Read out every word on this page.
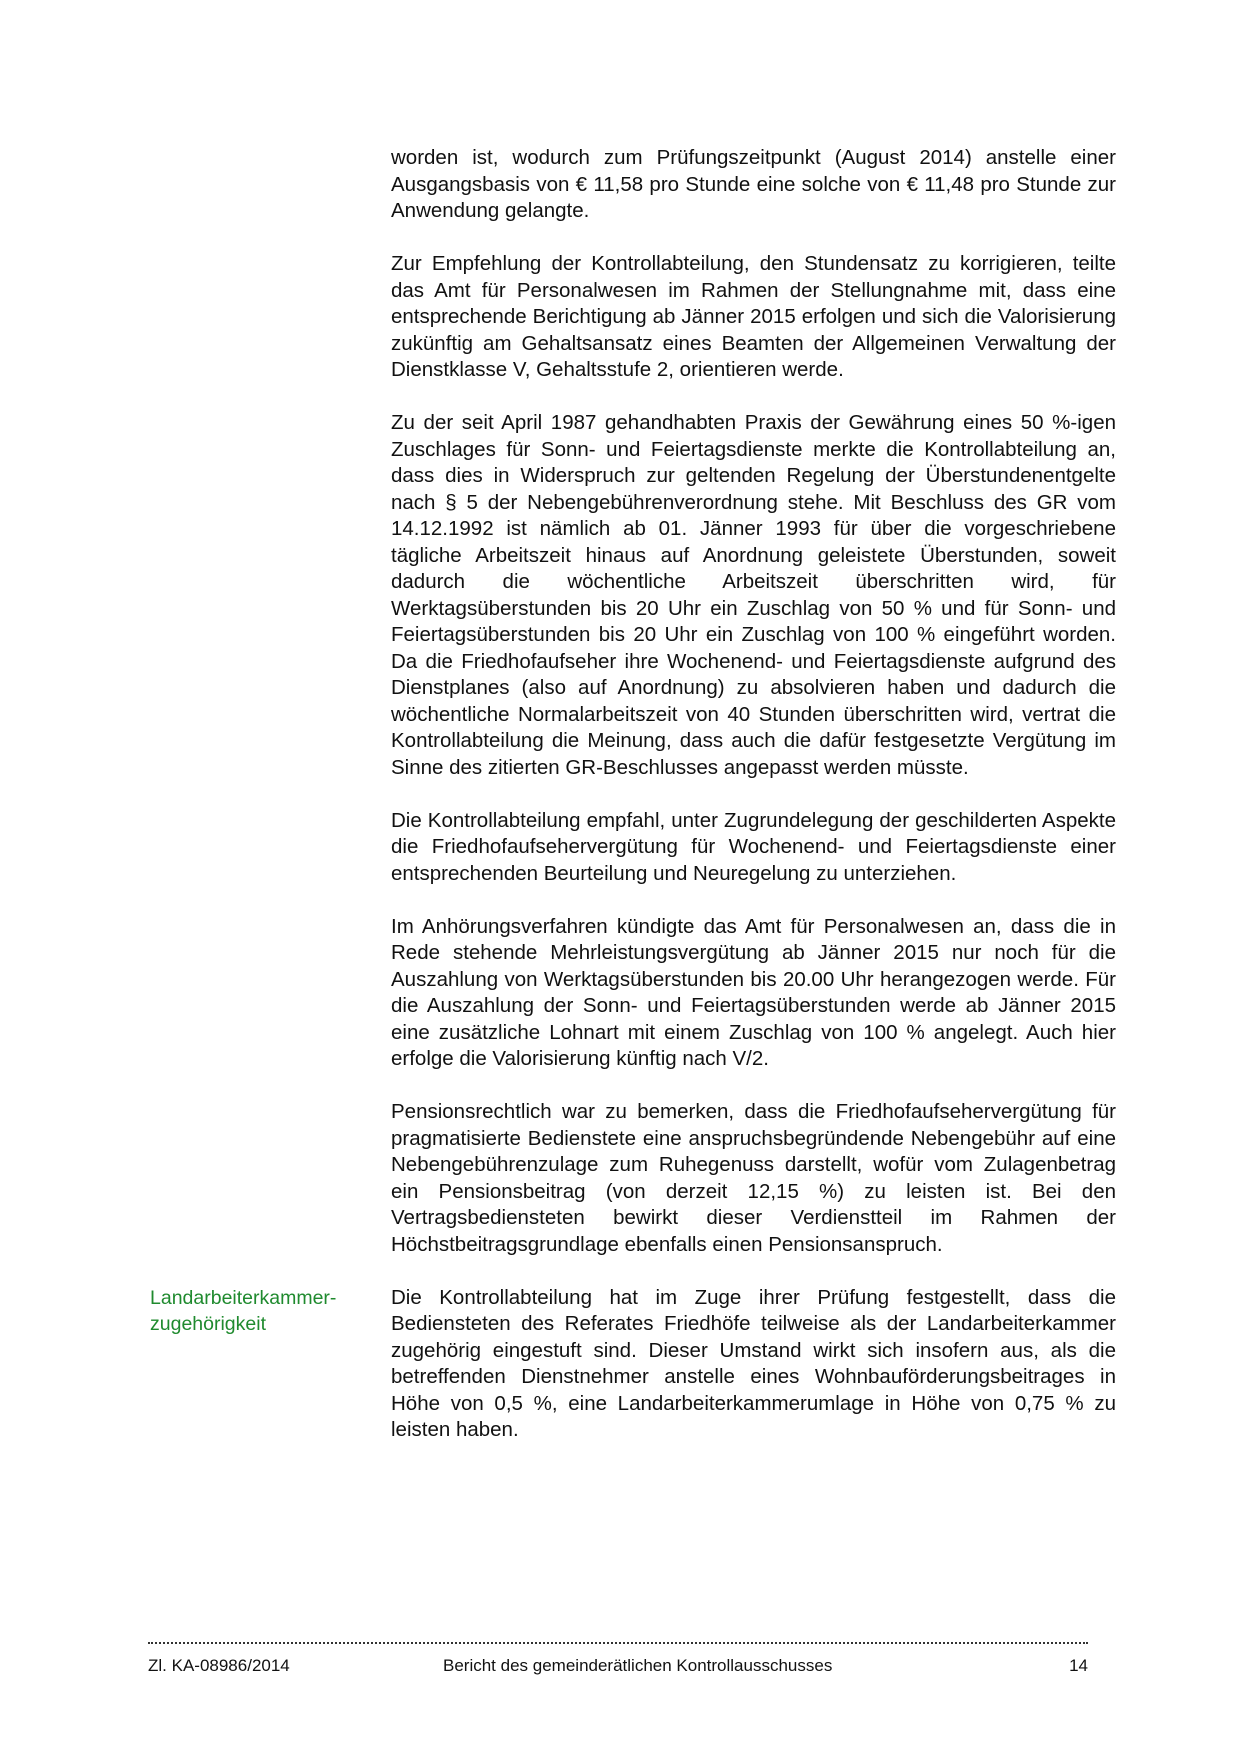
worden ist, wodurch zum Prüfungszeitpunkt (August 2014) anstelle einer Ausgangsbasis von € 11,58 pro Stunde eine solche von € 11,48 pro Stunde zur Anwendung gelangte.

Zur Empfehlung der Kontrollabteilung, den Stundensatz zu korrigieren, teilte das Amt für Personalwesen im Rahmen der Stellungnahme mit, dass eine entsprechende Berichtigung ab Jänner 2015 erfolgen und sich die Valorisierung zukünftig am Gehaltsansatz eines Beamten der Allgemeinen Verwaltung der Dienstklasse V, Gehaltsstufe 2, orientieren werde.

Zu der seit April 1987 gehandhabten Praxis der Gewährung eines 50 %-igen Zuschlages für Sonn- und Feiertagsdienste merkte die Kontrollabteilung an, dass dies in Widerspruch zur geltenden Regelung der Überstundenentgelte nach § 5 der Nebengebührenverordnung stehe. Mit Beschluss des GR vom 14.12.1992 ist nämlich ab 01. Jänner 1993 für über die vorgeschriebene tägliche Arbeitszeit hinaus auf Anordnung geleistete Überstunden, soweit dadurch die wöchentliche Arbeitszeit überschritten wird, für Werktagsüberstunden bis 20 Uhr ein Zuschlag von 50 % und für Sonn- und Feiertagsüberstunden bis 20 Uhr ein Zuschlag von 100 % eingeführt worden. Da die Friedhofaufseher ihre Wochenend- und Feiertagsdienste aufgrund des Dienstplanes (also auf Anordnung) zu absolvieren haben und dadurch die wöchentliche Normalarbeitszeit von 40 Stunden überschritten wird, vertrat die Kontrollabteilung die Meinung, dass auch die dafür festgesetzte Vergütung im Sinne des zitierten GR-Beschlusses angepasst werden müsste.

Die Kontrollabteilung empfahl, unter Zugrundelegung der geschilderten Aspekte die Friedhofaufsehervergütung für Wochenend- und Feiertagsdienste einer entsprechenden Beurteilung und Neuregelung zu unterziehen.

Im Anhörungsverfahren kündigte das Amt für Personalwesen an, dass die in Rede stehende Mehrleistungsvergütung ab Jänner 2015 nur noch für die Auszahlung von Werktagsüberstunden bis 20.00 Uhr herangezogen werde. Für die Auszahlung der Sonn- und Feiertagsüberstunden werde ab Jänner 2015 eine zusätzliche Lohnart mit einem Zuschlag von 100 % angelegt. Auch hier erfolge die Valorisierung künftig nach V/2.

Pensionsrechtlich war zu bemerken, dass die Friedhofaufsehervergütung für pragmatisierte Bedienstete eine anspruchsbegründende Nebengebühr auf eine Nebengebührenzulage zum Ruhegenuss darstellt, wofür vom Zulagenbetrag ein Pensionsbeitrag (von derzeit 12,15 %) zu leisten ist. Bei den Vertragsbediensteten bewirkt dieser Verdienstteil im Rahmen der Höchstbeitragsgrundlage ebenfalls einen Pensionsanspruch.

Landarbeiterkammer-
zugehörigkeit

Die Kontrollabteilung hat im Zuge ihrer Prüfung festgestellt, dass die Bediensteten des Referates Friedhöfe teilweise als der Landarbeiterkammer zugehörig eingestuft sind. Dieser Umstand wirkt sich insofern aus, als die betreffenden Dienstnehmer anstelle eines Wohnbauförderungsbeitrages in Höhe von 0,5 %, eine Landarbeiterkammerumlage in Höhe von 0,75 % zu leisten haben.

Zl. KA-08986/2014	Bericht des gemeinderätlichen Kontrollausschusses	14
